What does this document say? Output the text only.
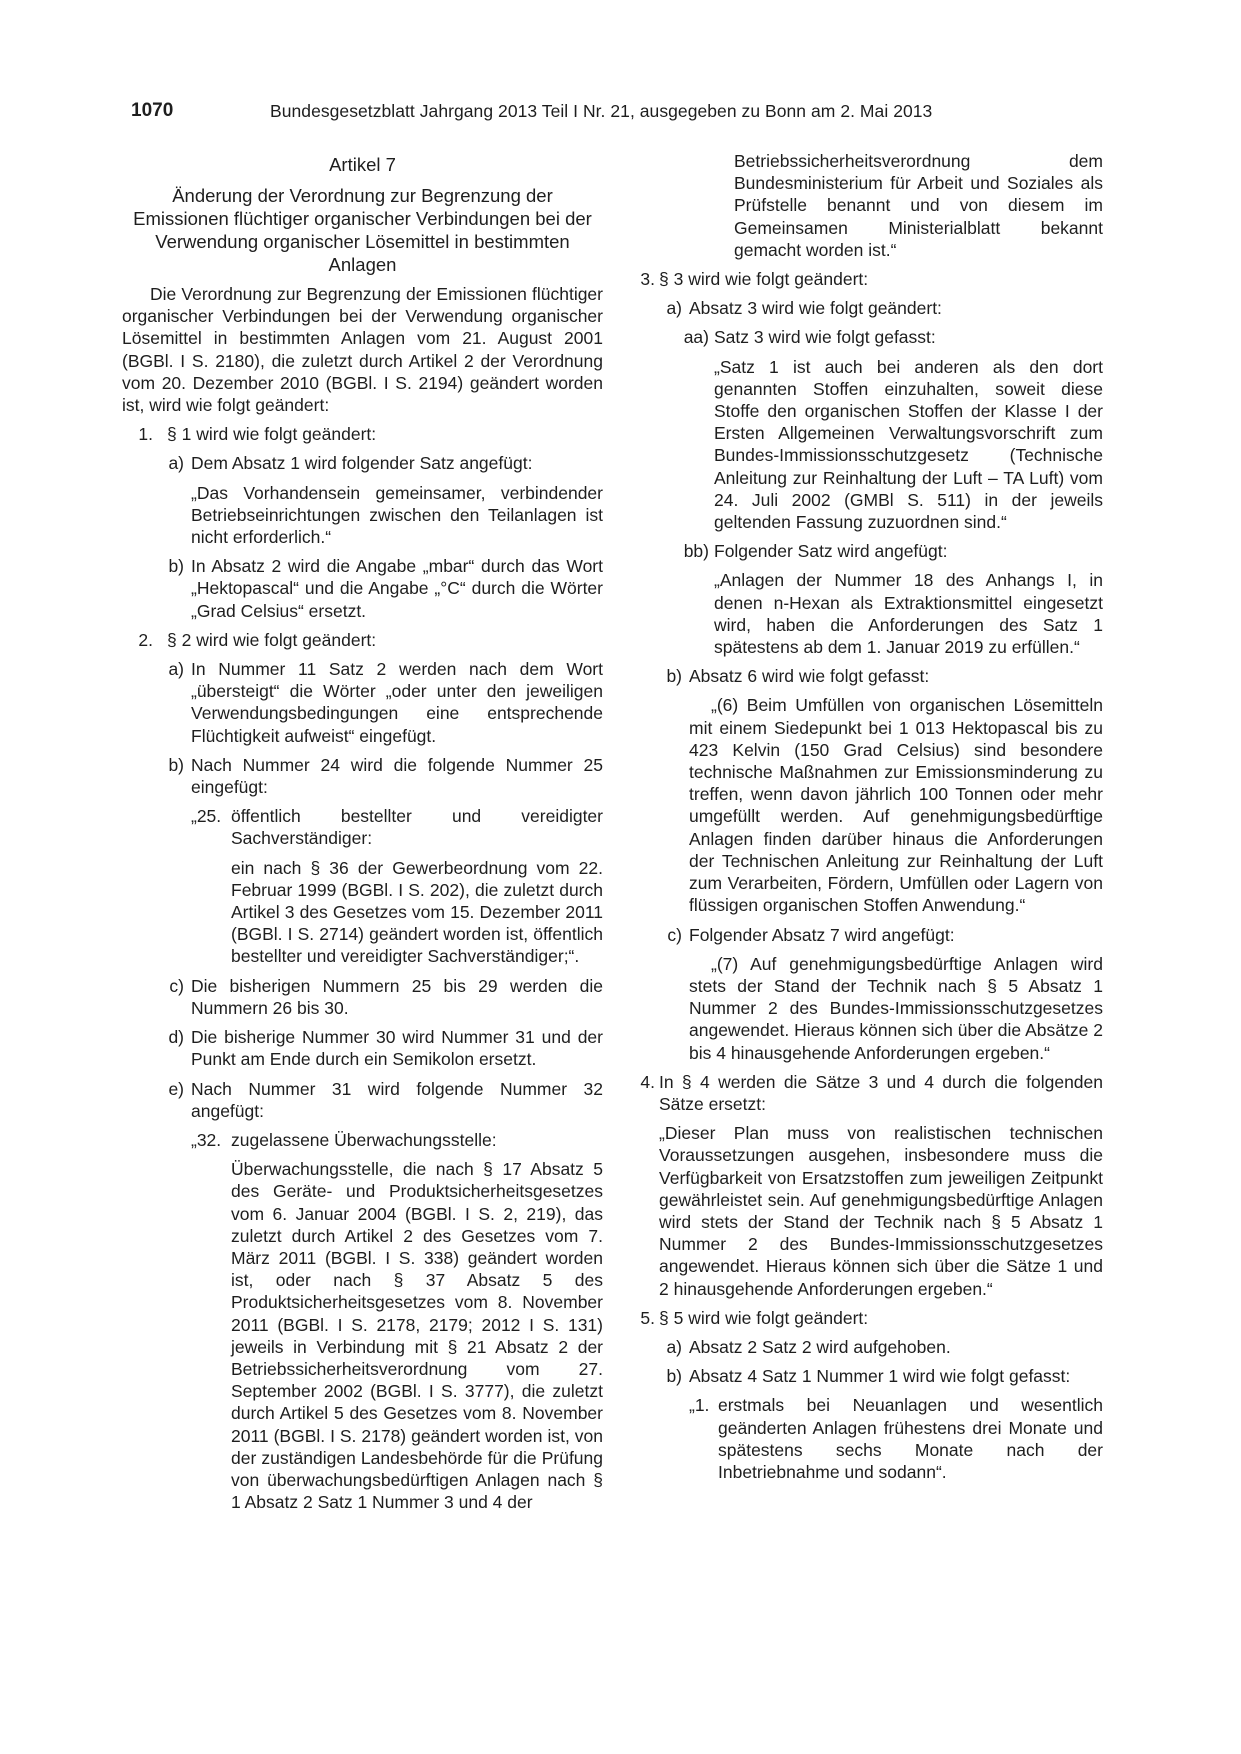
1070	Bundesgesetzblatt Jahrgang 2013 Teil I Nr. 21, ausgegeben zu Bonn am 2. Mai 2013

Artikel 7

Änderung der Verordnung zur Begrenzung der Emissionen flüchtiger organischer Verbindungen bei der Verwendung organischer Lösemittel in bestimmten Anlagen

Die Verordnung zur Begrenzung der Emissionen flüchtiger organischer Verbindungen bei der Verwendung organischer Lösemittel in bestimmten Anlagen vom 21. August 2001 (BGBl. I S. 2180), die zuletzt durch Artikel 2 der Verordnung vom 20. Dezember 2010 (BGBl. I S. 2194) geändert worden ist, wird wie folgt geändert:

1. § 1 wird wie folgt geändert:
a) Dem Absatz 1 wird folgender Satz angefügt:
„Das Vorhandensein gemeinsamer, verbindender Betriebseinrichtungen zwischen den Teilanlagen ist nicht erforderlich.“
b) In Absatz 2 wird die Angabe „mbar“ durch das Wort „Hektopascal“ und die Angabe „°C“ durch die Wörter „Grad Celsius“ ersetzt.
2. § 2 wird wie folgt geändert:
a) In Nummer 11 Satz 2 werden nach dem Wort „übersteigt“ die Wörter „oder unter den jeweiligen Verwendungsbedingungen eine entsprechende Flüchtigkeit aufweist“ eingefügt.
b) Nach Nummer 24 wird die folgende Nummer 25 eingefügt:
„25. öffentlich bestellter und vereidigter Sachverständiger:
ein nach § 36 der Gewerbeordnung vom 22. Februar 1999 (BGBl. I S. 202), die zuletzt durch Artikel 3 des Gesetzes vom 15. Dezember 2011 (BGBl. I S. 2714) geändert worden ist, öffentlich bestellter und vereidigter Sachverständiger;“.
c) Die bisherigen Nummern 25 bis 29 werden die Nummern 26 bis 30.
d) Die bisherige Nummer 30 wird Nummer 31 und der Punkt am Ende durch ein Semikolon ersetzt.
e) Nach Nummer 31 wird folgende Nummer 32 angefügt:
„32. zugelassene Überwachungsstelle:
Überwachungsstelle, die nach § 17 Absatz 5 des Geräte- und Produktsicherheitsgesetzes vom 6. Januar 2004 (BGBl. I S. 2, 219), das zuletzt durch Artikel 2 des Gesetzes vom 7. März 2011 (BGBl. I S. 338) geändert worden ist, oder nach § 37 Absatz 5 des Produktsicherheitsgesetzes vom 8. November 2011 (BGBl. I S. 2178, 2179; 2012 I S. 131) jeweils in Verbindung mit § 21 Absatz 2 der Betriebssicherheitsverordnung vom 27. September 2002 (BGBl. I S. 3777), die zuletzt durch Artikel 5 des Gesetzes vom 8. November 2011 (BGBl. I S. 2178) geändert worden ist, von der zuständigen Landesbehörde für die Prüfung von überwachungsbedürftigen Anlagen nach § 1 Absatz 2 Satz 1 Nummer 3 und 4 der
Betriebssicherheitsverordnung dem Bundesministerium für Arbeit und Soziales als Prüfstelle benannt und von diesem im Gemeinsamen Ministerialblatt bekannt gemacht worden ist.“
3. § 3 wird wie folgt geändert:
a) Absatz 3 wird wie folgt geändert:
aa) Satz 3 wird wie folgt gefasst:
„Satz 1 ist auch bei anderen als den dort genannten Stoffen einzuhalten, soweit diese Stoffe den organischen Stoffen der Klasse I der Ersten Allgemeinen Verwaltungsvorschrift zum Bundes-Immissionsschutzgesetz (Technische Anleitung zur Reinhaltung der Luft – TA Luft) vom 24. Juli 2002 (GMBl S. 511) in der jeweils geltenden Fassung zuzuordnen sind.“
bb) Folgender Satz wird angefügt:
„Anlagen der Nummer 18 des Anhangs I, in denen n-Hexan als Extraktionsmittel eingesetzt wird, haben die Anforderungen des Satz 1 spätestens ab dem 1. Januar 2019 zu erfüllen.“
b) Absatz 6 wird wie folgt gefasst:
„(6) Beim Umfüllen von organischen Lösemitteln mit einem Siedepunkt bei 1 013 Hektopascal bis zu 423 Kelvin (150 Grad Celsius) sind besondere technische Maßnahmen zur Emissionsminderung zu treffen, wenn davon jährlich 100 Tonnen oder mehr umgefüllt werden. Auf genehmigungsbedürftige Anlagen finden darüber hinaus die Anforderungen der Technischen Anleitung zur Reinhaltung der Luft zum Verarbeiten, Fördern, Umfüllen oder Lagern von flüssigen organischen Stoffen Anwendung.“
c) Folgender Absatz 7 wird angefügt:
„(7) Auf genehmigungsbedürftige Anlagen wird stets der Stand der Technik nach § 5 Absatz 1 Nummer 2 des Bundes-Immissionsschutzgesetzes angewendet. Hieraus können sich über die Absätze 2 bis 4 hinausgehende Anforderungen ergeben.“
4. In § 4 werden die Sätze 3 und 4 durch die folgenden Sätze ersetzt:
„Dieser Plan muss von realistischen technischen Voraussetzungen ausgehen, insbesondere muss die Verfügbarkeit von Ersatzstoffen zum jeweiligen Zeitpunkt gewährleistet sein. Auf genehmigungsbedürftige Anlagen wird stets der Stand der Technik nach § 5 Absatz 1 Nummer 2 des Bundes-Immissionsschutzgesetzes angewendet. Hieraus können sich über die Sätze 1 und 2 hinausgehende Anforderungen ergeben.“
5. § 5 wird wie folgt geändert:
a) Absatz 2 Satz 2 wird aufgehoben.
b) Absatz 4 Satz 1 Nummer 1 wird wie folgt gefasst:
„1. erstmals bei Neuanlagen und wesentlich geänderten Anlagen frühestens drei Monate und spätestens sechs Monate nach der Inbetriebnahme und sodann“.
